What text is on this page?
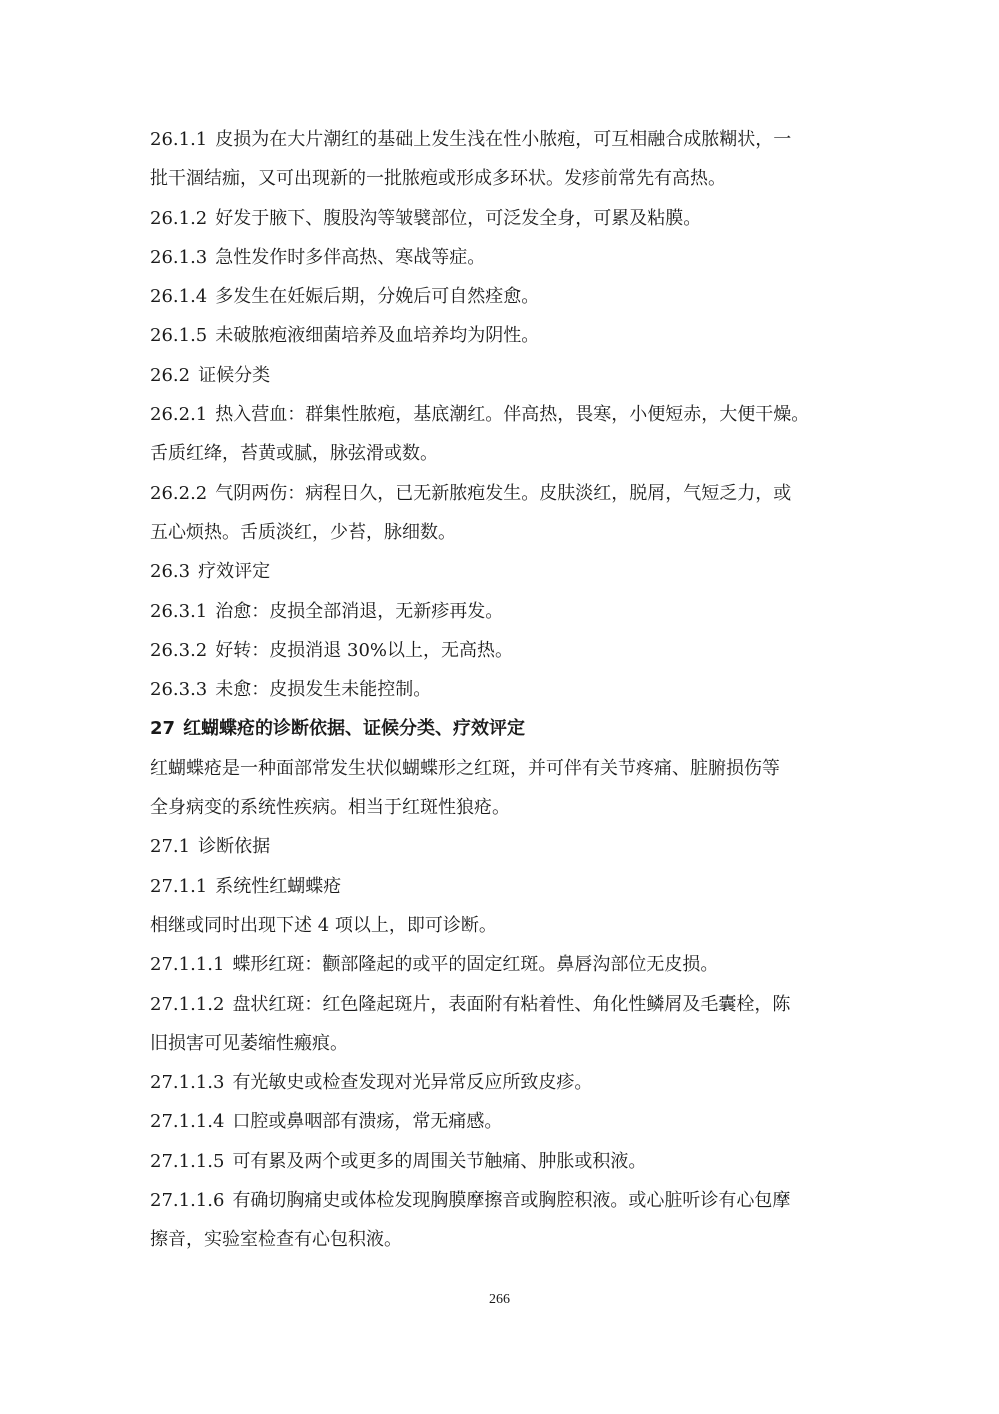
26.1.1 皮损为在大片潮红的基础上发生浅在性小脓疱，可互相融合成脓糊状，一
批干涸结痂，又可出现新的一批脓疱或形成多环状。发疹前常先有高热。
26.1.2 好发于腋下、腹股沟等皱襞部位，可泛发全身，可累及粘膜。
26.1.3 急性发作时多伴高热、寒战等症。
26.1.4 多发生在妊娠后期，分娩后可自然痊愈。
26.1.5 未破脓疱液细菌培养及血培养均为阴性。
26.2 证候分类
26.2.1 热入营血：群集性脓疱，基底潮红。伴高热，畏寒，小便短赤，大便干燥。
舌质红绛，苔黄或腻，脉弦滑或数。
26.2.2 气阴两伤：病程日久，已无新脓疱发生。皮肤淡红，脱屑，气短乏力，或
五心烦热。舌质淡红，少苔，脉细数。
26.3 疗效评定
26.3.1 治愈：皮损全部消退，无新疹再发。
26.3.2 好转：皮损消退 30%以上，无高热。
26.3.3 未愈：皮损发生未能控制。
27 红蝴蝶疮的诊断依据、证候分类、疗效评定
红蝴蝶疮是一种面部常发生状似蝴蝶形之红斑，并可伴有关节疼痛、脏腑损伤等
全身病变的系统性疾病。相当于红斑性狼疮。
27.1 诊断依据
27.1.1 系统性红蝴蝶疮
相继或同时出现下述 4 项以上，即可诊断。
27.1.1.1 蝶形红斑：颧部隆起的或平的固定红斑。鼻唇沟部位无皮损。
27.1.1.2 盘状红斑：红色隆起斑片，表面附有粘着性、角化性鳞屑及毛囊栓，陈
旧损害可见萎缩性瘢痕。
27.1.1.3 有光敏史或检查发现对光异常反应所致皮疹。
27.1.1.4 口腔或鼻咽部有溃疡，常无痛感。
27.1.1.5 可有累及两个或更多的周围关节触痛、肿胀或积液。
27.1.1.6 有确切胸痛史或体检发现胸膜摩擦音或胸腔积液。或心脏听诊有心包摩
擦音，实验室检查有心包积液。
266
